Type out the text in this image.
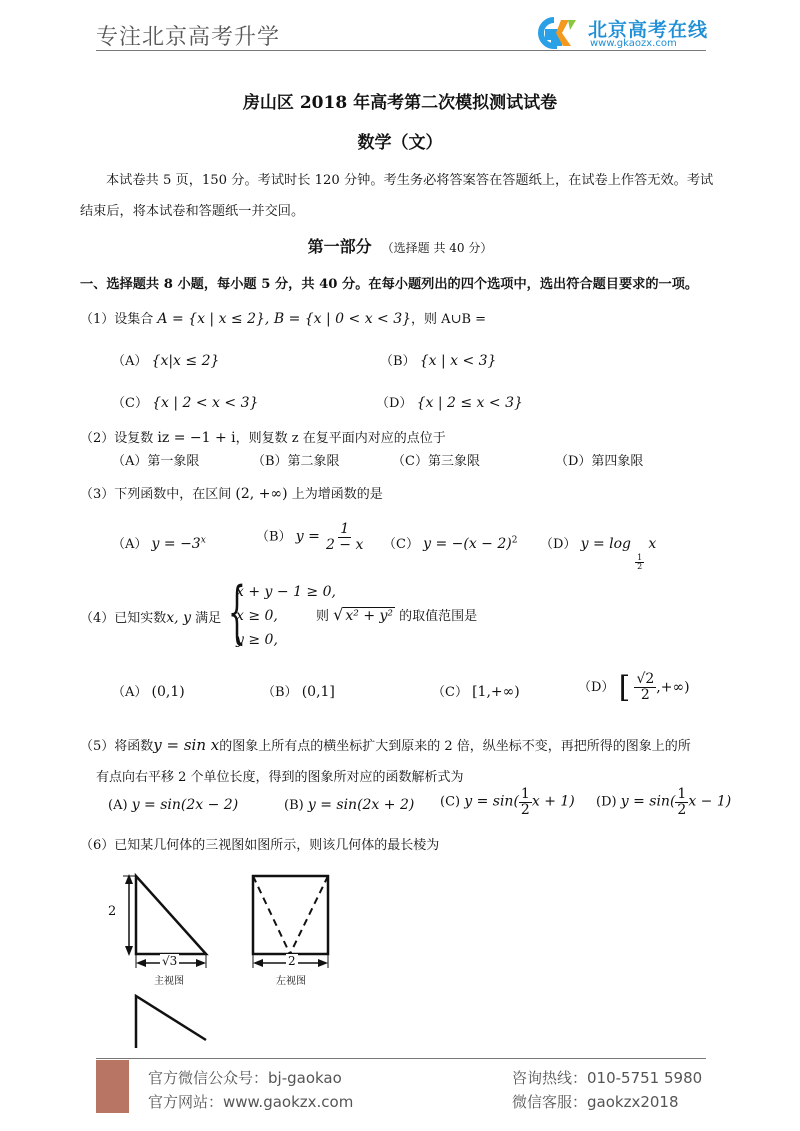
专注北京高考升学	北京高考在线
www.gkaozx.com
房山区 2018 年高考第二次模拟测试试卷
数学（文）
本试卷共 5 页，150 分。考试时长 120 分钟。考生务必将答案答在答题纸上，在试卷上作答无效。考试结束后，将本试卷和答题纸一并交回。
第一部分 （选择题 共 40 分）
一、选择题共 8 小题，每小题 5 分，共 40 分。在每小题列出的四个选项中，选出符合题目要求的一项。
（1）设集合 A = {x | x ≤ 2}, B = {x | 0 < x < 3}，则 A∪B =
（A） {x|x ≤ 2}	（B） {x | x < 3}
（C） {x | 2 < x < 3}	（D） {x | 2 ≤ x < 3}
（2）设复数 iz = −1 + i，则复数 z 在复平面内对应的点位于
（A）第一象限	（B）第二象限	（C）第三象限	（D）第四象限
（3）下列函数中，在区间 (2, +∞) 上为增函数的是
（A） $y = -3^x$	（B） $y = \frac{1}{2 - x} (C) y = -(x - 2)^2$ （D） y = log
$\frac{1}{2}$
x
（4）已知实数x, y 满足 {
x + y − 1 ≥ 0,
x ≥ 0,
y ≥ 0,
则 √ x² + y² 的取值范围是
（A） (0,1)	（B） (0,1]	（C） [1,+∞)	（D） [ $\frac{√2}{2}$ ,+∞)
（5）将函数y = sin x的图象上所有点的横坐标扩大到原来的 2 倍，纵坐标不变，再把所得的图象上的所
有点向右平移 2 个单位长度，得到的图象所对应的函数解析式为
(A) y = sin(2x − 2)	(B) y = sin(2x + 2) (C) $y = \sin( \frac{1}{2}$ x + 1) (D) $y = \sin( \frac{1}{2}$ x − 1)
（6）已知某几何体的三视图如图所示，则该几何体的最长棱为
2
√3
主视图
2
左视图
官方微信公众号：bj-gaokao
官方网站：www.gaokzx.com
咨询热线：010-5751 5980
微信客服：gaokzx2018
